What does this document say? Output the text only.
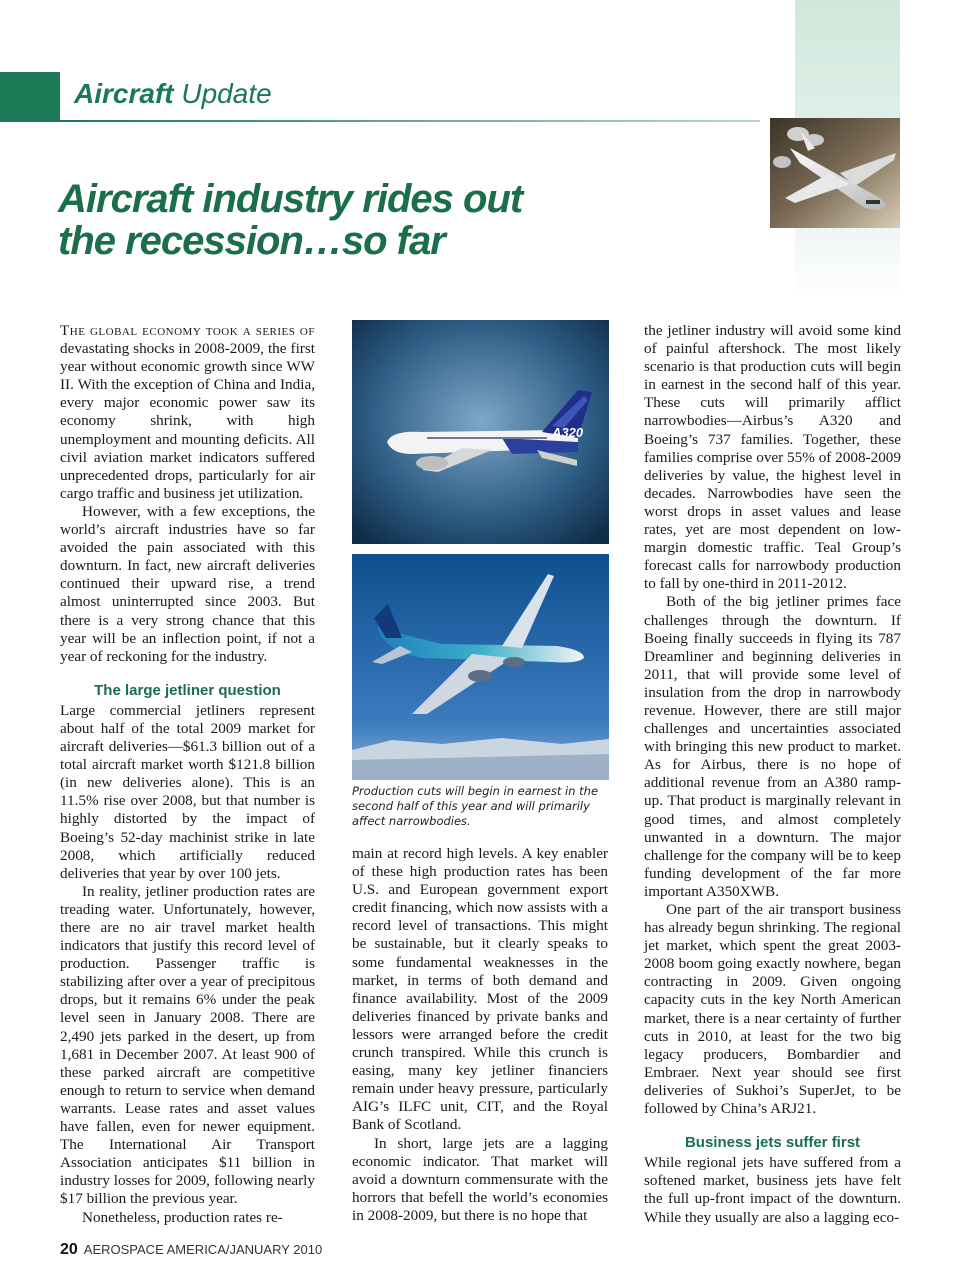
Aircraft Update
Aircraft industry rides out
the recession…so far

The global economy took a series of devastating shocks in 2008-2009, the first year without economic growth since WW II. With the exception of China and India, every major economic power saw its economy shrink, with high unemployment and mounting deficits. All civil aviation market indicators suffered unprecedented drops, particularly for air cargo traffic and business jet utilization.

However, with a few exceptions, the world’s aircraft industries have so far avoided the pain associated with this downturn. In fact, new aircraft deliveries continued their upward rise, a trend almost uninterrupted since 2003. But there is a very strong chance that this year will be an inflection point, if not a year of reckoning for the industry.

The large jetliner question

Large commercial jetliners represent about half of the total 2009 market for aircraft deliveries—$61.3 billion out of a total aircraft market worth $121.8 billion (in new deliveries alone). This is an 11.5% rise over 2008, but that number is highly distorted by the impact of Boeing’s 52-day machinist strike in late 2008, which artificially reduced deliveries that year by over 100 jets.

In reality, jetliner production rates are treading water. Unfortunately, however, there are no air travel market health indicators that justify this record level of production. Passenger traffic is stabilizing after over a year of precipitous drops, but it remains 6% under the peak level seen in January 2008. There are 2,490 jets parked in the desert, up from 1,681 in December 2007. At least 900 of these parked aircraft are competitive enough to return to service when demand warrants. Lease rates and asset values have fallen, even for newer equipment. The International Air Transport Association anticipates $11 billion in industry losses for 2009, following nearly $17 billion the previous year.

Nonetheless, production rates re-

A320
Production cuts will begin in earnest in the second half of this year and will primarily affect narrowbodies.

main at record high levels. A key enabler of these high production rates has been U.S. and European government export credit financing, which now assists with a record level of transactions. This might be sustainable, but it clearly speaks to some fundamental weaknesses in the market, in terms of both demand and finance availability. Most of the 2009 deliveries financed by private banks and lessors were arranged before the credit crunch transpired. While this crunch is easing, many key jetliner financiers remain under heavy pressure, particularly AIG’s ILFC unit, CIT, and the Royal Bank of Scotland.

In short, large jets are a lagging economic indicator. That market will avoid a downturn commensurate with the horrors that befell the world’s economies in 2008-2009, but there is no hope that

the jetliner industry will avoid some kind of painful aftershock. The most likely scenario is that production cuts will begin in earnest in the second half of this year. These cuts will primarily afflict narrowbodies—Airbus’s A320 and Boeing’s 737 families. Together, these families comprise over 55% of 2008-2009 deliveries by value, the highest level in decades. Narrowbodies have seen the worst drops in asset values and lease rates, yet are most dependent on low-margin domestic traffic. Teal Group’s forecast calls for narrowbody production to fall by one-third in 2011-2012.

Both of the big jetliner primes face challenges through the downturn. If Boeing finally succeeds in flying its 787 Dreamliner and beginning deliveries in 2011, that will provide some level of insulation from the drop in narrowbody revenue. However, there are still major challenges and uncertainties associated with bringing this new product to market. As for Airbus, there is no hope of additional revenue from an A380 ramp-up. That product is marginally relevant in good times, and almost completely unwanted in a downturn. The major challenge for the company will be to keep funding development of the far more important A350XWB.

One part of the air transport business has already begun shrinking. The regional jet market, which spent the great 2003-2008 boom going exactly nowhere, began contracting in 2009. Given ongoing capacity cuts in the key North American market, there is a near certainty of further cuts in 2010, at least for the two big legacy producers, Bombardier and Embraer. Next year should see first deliveries of Sukhoi’s SuperJet, to be followed by China’s ARJ21.

Business jets suffer first

While regional jets have suffered from a softened market, business jets have felt the full up-front impact of the downturn. While they usually are also a lagging eco-

20 AEROSPACE AMERICA/JANUARY 2010
